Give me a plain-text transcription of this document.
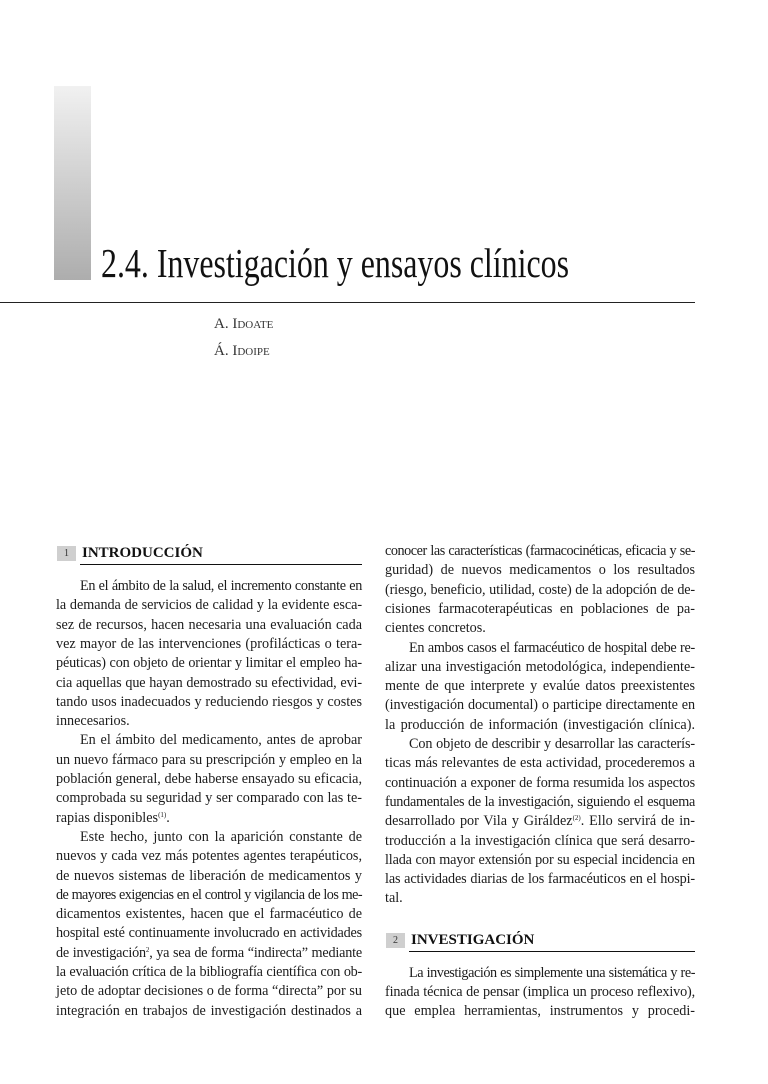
2.4. Investigación y ensayos clínicos
A. Idoate
Á. Idoipe
1 INTRODUCCIÓN
En el ámbito de la salud, el incremento constante en
la demanda de servicios de calidad y la evidente esca-
sez de recursos, hacen necesaria una evaluación cada
vez mayor de las intervenciones (profilácticas o tera-
péuticas) con objeto de orientar y limitar el empleo ha-
cia aquellas que hayan demostrado su efectividad, evi-
tando usos inadecuados y reduciendo riesgos y costes
innecesarios.
En el ámbito del medicamento, antes de aprobar
un nuevo fármaco para su prescripción y empleo en la
población general, debe haberse ensayado su eficacia,
comprobada su seguridad y ser comparado con las te-
rapias disponibles$^{(1)}$.
Este hecho, junto con la aparición constante de
nuevos y cada vez más potentes agentes terapéuticos,
de nuevos sistemas de liberación de medicamentos y
de mayores exigencias en el control y vigilancia de los me-
dicamentos existentes, hacen que el farmacéutico de
hospital esté continuamente involucrado en actividades
de investigación$^2$, ya sea de forma “indirecta” mediante
la evaluación crítica de la bibliografía científica con ob-
jeto de adoptar decisiones o de forma “directa” por su
integración en trabajos de investigación destinados a
conocer las características (farmacocinéticas, eficacia y se-
guridad) de nuevos medicamentos o los resultados
(riesgo, beneficio, utilidad, coste) de la adopción de de-
cisiones farmacoterapéuticas en poblaciones de pa-
cientes concretos.
En ambos casos el farmacéutico de hospital debe re-
alizar una investigación metodológica, independiente-
mente de que interprete y evalúe datos preexistentes
(investigación documental) o participe directamente en
la producción de información (investigación clínica).
Con objeto de describir y desarrollar las caracterís-
ticas más relevantes de esta actividad, procederemos a
continuación a exponer de forma resumida los aspectos
fundamentales de la investigación, siguiendo el esquema
desarrollado por Vila y Giráldez$^{(2)}$. Ello servirá de in-
troducción a la investigación clínica que será desarro-
llada con mayor extensión por su especial incidencia en
las actividades diarias de los farmacéuticos en el hospi-
tal.
2 INVESTIGACIÓN
La investigación es simplemente una sistemática y re-
finada técnica de pensar (implica un proceso reflexivo),
que emplea herramientas, instrumentos y procedi-
